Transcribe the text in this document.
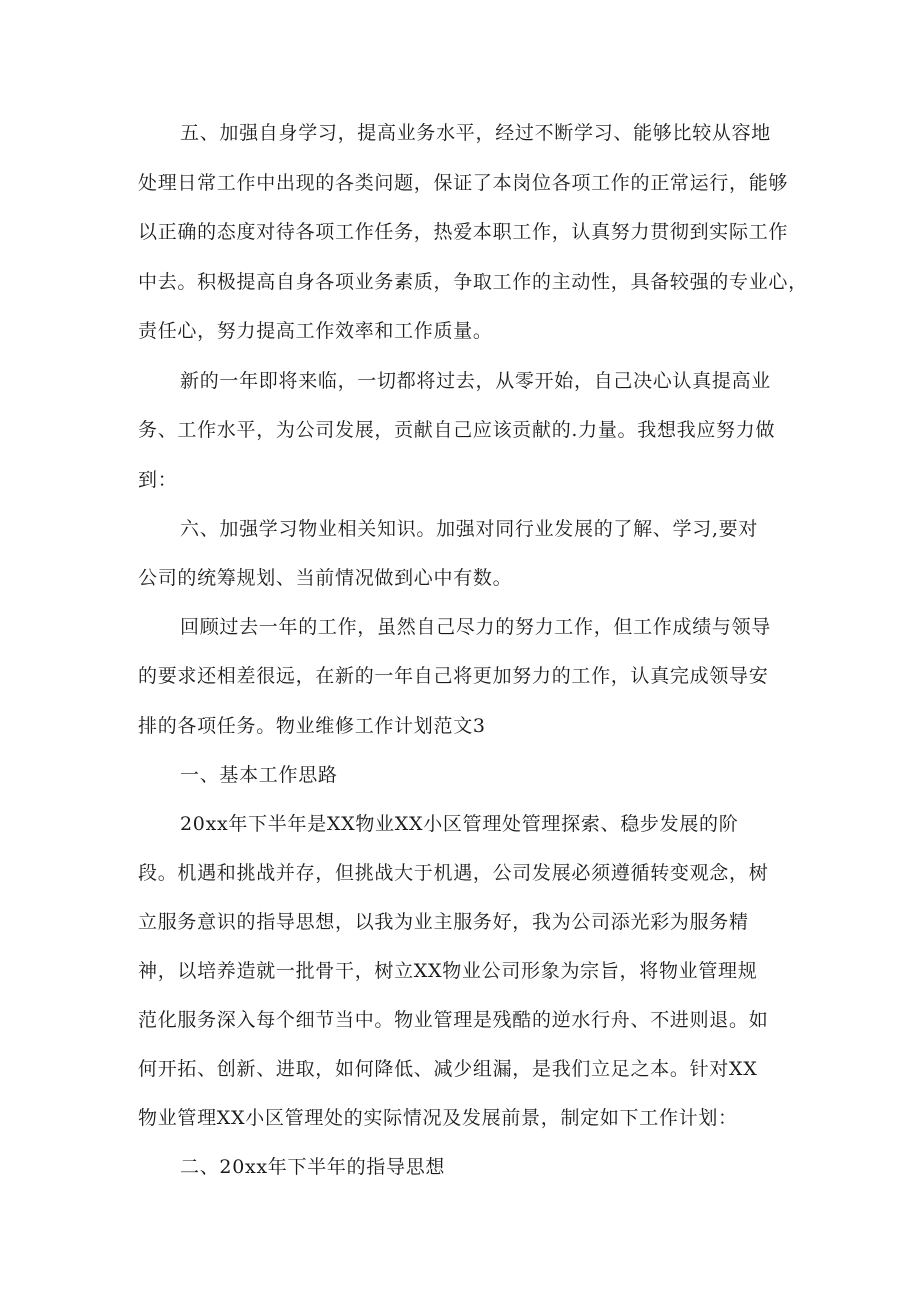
五、加强自身学习，提高业务水平，经过不断学习、能够比较从容地
处理日常工作中出现的各类问题，保证了本岗位各项工作的正常运行，能够
以正确的态度对待各项工作任务，热爱本职工作，认真努力贯彻到实际工作
中去。积极提高自身各项业务素质，争取工作的主动性，具备较强的专业心，
责任心，努力提高工作效率和工作质量。
新的一年即将来临，一切都将过去，从零开始，自己决心认真提高业
务、工作水平，为公司发展，贡献自己应该贡献的.力量。我想我应努力做
到：
六、加强学习物业相关知识。加强对同行业发展的了解、学习,要对
公司的统筹规划、当前情况做到心中有数。
回顾过去一年的工作，虽然自己尽力的努力工作，但工作成绩与领导
的要求还相差很远，在新的一年自己将更加努力的工作，认真完成领导安
排的各项任务。物业维修工作计划范文3
一、基本工作思路
20xx年下半年是XX物业XX小区管理处管理探索、稳步发展的阶
段。机遇和挑战并存，但挑战大于机遇，公司发展必须遵循转变观念，树
立服务意识的指导思想，以我为业主服务好，我为公司添光彩为服务精
神，以培养造就一批骨干，树立XX物业公司形象为宗旨，将物业管理规
范化服务深入每个细节当中。物业管理是残酷的逆水行舟、不进则退。如
何开拓、创新、进取，如何降低、减少组漏，是我们立足之本。针对XX
物业管理XX小区管理处的实际情况及发展前景，制定如下工作计划：
二、20xx年下半年的指导思想
